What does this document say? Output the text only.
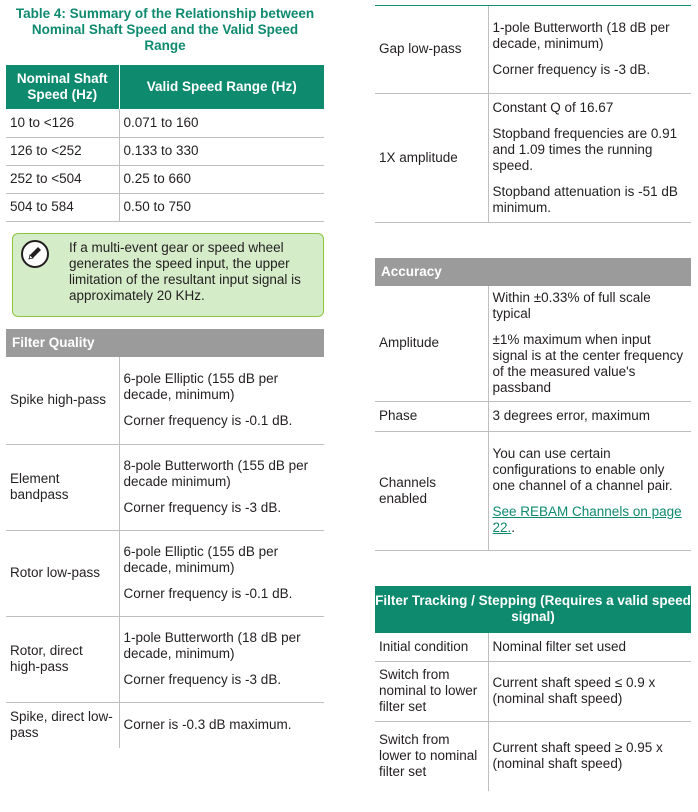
Table 4: Summary of the Relationship between Nominal Shaft Speed and the Valid Speed Range
Nominal Shaft Speed (Hz)	Valid Speed Range (Hz)
10 to <126	0.071 to 160
126 to <252	0.133 to 330
252 to <504	0.25 to 660
504 to 584	0.50 to 750
If a multi-event gear or speed wheel generates the speed input, the upper limitation of the resultant input signal is approximately 20 KHz.
Filter Quality
Spike high-pass	6-pole Elliptic (155 dB per decade, minimum)

Corner frequency is -0.1 dB.

Element bandpass	8-pole Butterworth (155 dB per decade minimum)

Corner frequency is -3 dB.

Rotor low-pass	6-pole Elliptic (155 dB per decade, minimum)

Corner frequency is -0.1 dB.

Rotor, direct high-pass	1-pole Butterworth (18 dB per decade, minimum)

Corner frequency is -3 dB.

Spike, direct low-pass	Corner is -0.3 dB maximum.
Gap low-pass	1-pole Butterworth (18 dB per decade, minimum)

Corner frequency is -3 dB.

1X amplitude	Constant Q of 16.67

Stopband frequencies are 0.91 and 1.09 times the running speed.

Stopband attenuation is -51 dB minimum.

Accuracy
Amplitude	Within ±0.33% of full scale typical

±1% maximum when input signal is at the center frequency of the measured value's passband

Phase	3 degrees error, maximum
Channels enabled	You can use certain configurations to enable only one channel of a channel pair.

See REBAM Channels on page 22..

Filter Tracking / Stepping (Requires a valid speed signal)
Initial condition	Nominal filter set used
Switch from nominal to lower filter set	Current shaft speed ≤ 0.9 x (nominal shaft speed)
Switch from lower to nominal filter set	Current shaft speed ≥ 0.95 x (nominal shaft speed)
